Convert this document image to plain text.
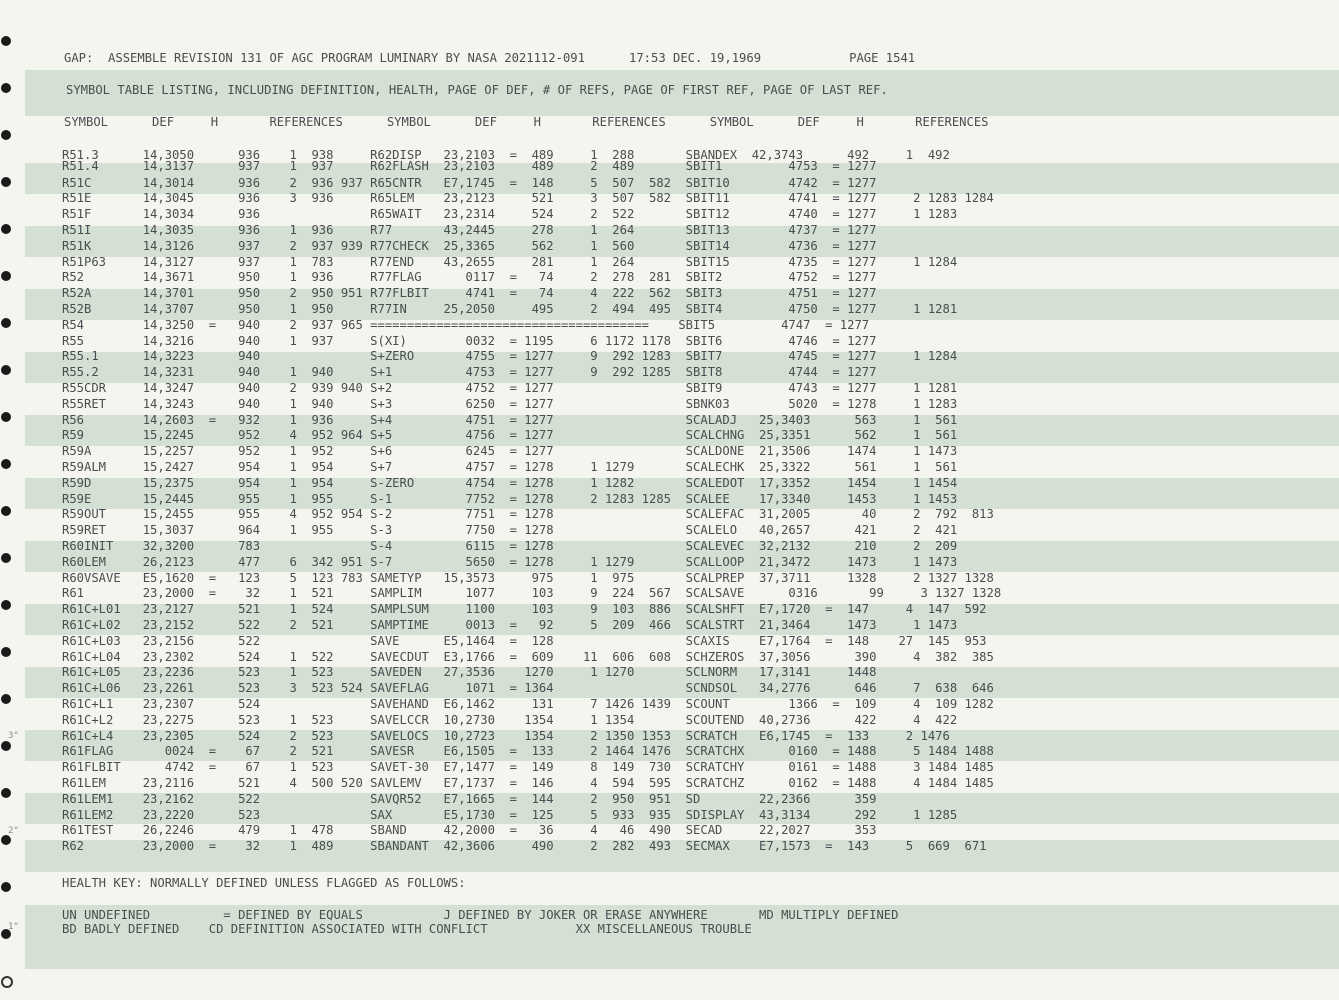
3"
2"
1"
GAP:  ASSEMBLE REVISION 131 OF AGC PROGRAM LUMINARY BY NASA 2021112-091      17:53 DEC. 19,1969            PAGE 1541
SYMBOL TABLE LISTING, INCLUDING DEFINITION, HEALTH, PAGE OF DEF, # OF REFS, PAGE OF FIRST REF, PAGE OF LAST REF.
SYMBOL      DEF     H       REFERENCES      SYMBOL      DEF     H       REFERENCES      SYMBOL      DEF     H       REFERENCES
R51.3      14,3050      936    1  938     R62DISP   23,2103  =  489     1  288       SBANDEX  42,3743      492     1  492
R51.4      14,3137      937    1  937     R62FLASH  23,2103     489     2  489       SBIT1         4753  = 1277
R51C       14,3014      936    2  936 937 R65CNTR   E7,1745  =  148     5  507  582  SBIT10        4742  = 1277
R51E       14,3045      936    3  936     R65LEM    23,2123     521     3  507  582  SBIT11        4741  = 1277     2 1283 1284
R51F       14,3034      936               R65WAIT   23,2314     524     2  522       SBIT12        4740  = 1277     1 1283
R51I       14,3035      936    1  936     R77       43,2445     278     1  264       SBIT13        4737  = 1277
R51K       14,3126      937    2  937 939 R77CHECK  25,3365     562     1  560       SBIT14        4736  = 1277
R51P63     14,3127      937    1  783     R77END    43,2655     281     1  264       SBIT15        4735  = 1277     1 1284
R52        14,3671      950    1  936     R77FLAG      0117  =   74     2  278  281  SBIT2         4752  = 1277
R52A       14,3701      950    2  950 951 R77FLBIT     4741  =   74     4  222  562  SBIT3         4751  = 1277
R52B       14,3707      950    1  950     R77IN     25,2050     495     2  494  495  SBIT4         4750  = 1277     1 1281
R54        14,3250  =   940    2  937 965 ======================================    SBIT5         4747  = 1277
R55        14,3216      940    1  937     S(XI)        0032  = 1195     6 1172 1178  SBIT6         4746  = 1277
R55.1      14,3223      940               S+ZERO       4755  = 1277     9  292 1283  SBIT7         4745  = 1277     1 1284
R55.2      14,3231      940    1  940     S+1          4753  = 1277     9  292 1285  SBIT8         4744  = 1277
R55CDR     14,3247      940    2  939 940 S+2          4752  = 1277                  SBIT9         4743  = 1277     1 1281
R55RET     14,3243      940    1  940     S+3          6250  = 1277                  SBNK03        5020  = 1278     1 1283
R56        14,2603  =   932    1  936     S+4          4751  = 1277                  SCALADJ   25,3403      563     1  561
R59        15,2245      952    4  952 964 S+5          4756  = 1277                  SCALCHNG  25,3351      562     1  561
R59A       15,2257      952    1  952     S+6          6245  = 1277                  SCALDONE  21,3506     1474     1 1473
R59ALM     15,2427      954    1  954     S+7          4757  = 1278     1 1279       SCALECHK  25,3322      561     1  561
R59D       15,2375      954    1  954     S-ZERO       4754  = 1278     1 1282       SCALEDOT  17,3352     1454     1 1454
R59E       15,2445      955    1  955     S-1          7752  = 1278     2 1283 1285  SCALEE    17,3340     1453     1 1453
R59OUT     15,2455      955    4  952 954 S-2          7751  = 1278                  SCALEFAC  31,2005       40     2  792  813
R59RET     15,3037      964    1  955     S-3          7750  = 1278                  SCALELO   40,2657      421     2  421
R60INIT    32,3200      783               S-4          6115  = 1278                  SCALEVEC  32,2132      210     2  209
R60LEM     26,2123      477    6  342 951 S-7          5650  = 1278     1 1279       SCALLOOP  21,3472     1473     1 1473
R60VSAVE   E5,1620  =   123    5  123 783 SAMETYP   15,3573     975     1  975       SCALPREP  37,3711     1328     2 1327 1328
R61        23,2000  =    32    1  521     SAMPLIM      1077     103     9  224  567  SCALSAVE      0316       99     3 1327 1328
R61C+L01   23,2127      521    1  524     SAMPLSUM     1100     103     9  103  886  SCALSHFT  E7,1720  =  147     4  147  592
R61C+L02   23,2152      522    2  521     SAMPTIME     0013  =   92     5  209  466  SCALSTRT  21,3464     1473     1 1473
R61C+L03   23,2156      522               SAVE      E5,1464  =  128                  SCAXIS    E7,1764  =  148    27  145  953
R61C+L04   23,2302      524    1  522     SAVECDUT  E3,1766  =  609    11  606  608  SCHZEROS  37,3056      390     4  382  385
R61C+L05   23,2236      523    1  523     SAVEDEN   27,3536    1270     1 1270       SCLNORM   17,3141     1448
R61C+L06   23,2261      523    3  523 524 SAVEFLAG     1071  = 1364                  SCNDSOL   34,2776      646     7  638  646
R61C+L1    23,2307      524               SAVEHAND  E6,1462     131     7 1426 1439  SCOUNT        1366  =  109     4  109 1282
R61C+L2    23,2275      523    1  523     SAVELCCR  10,2730    1354     1 1354       SCOUTEND  40,2736      422     4  422
R61C+L4    23,2305      524    2  523     SAVELOCS  10,2723    1354     2 1350 1353  SCRATCH   E6,1745  =  133     2 1476
R61FLAG       0024  =    67    2  521     SAVESR    E6,1505  =  133     2 1464 1476  SCRATCHX      0160  = 1488     5 1484 1488
R61FLBIT      4742  =    67    1  523     SAVET-30  E7,1477  =  149     8  149  730  SCRATCHY      0161  = 1488     3 1484 1485
R61LEM     23,2116      521    4  500 520 SAVLEMV   E7,1737  =  146     4  594  595  SCRATCHZ      0162  = 1488     4 1484 1485
R61LEM1    23,2162      522               SAVQR52   E7,1665  =  144     2  950  951  SD        22,2366      359
R61LEM2    23,2220      523               SAX       E5,1730  =  125     5  933  935  SDISPLAY  43,3134      292     1 1285
R61TEST    26,2246      479    1  478     SBAND     42,2000  =   36     4   46  490  SECAD     22,2027      353
R62        23,2000  =    32    1  489     SBANDANT  42,3606     490     2  282  493  SECMAX    E7,1573  =  143     5  669  671
HEALTH KEY: NORMALLY DEFINED UNLESS FLAGGED AS FOLLOWS:
UN UNDEFINED          = DEFINED BY EQUALS           J DEFINED BY JOKER OR ERASE ANYWHERE       MD MULTIPLY DEFINED
BD BADLY DEFINED    CD DEFINITION ASSOCIATED WITH CONFLICT            XX MISCELLANEOUS TROUBLE
